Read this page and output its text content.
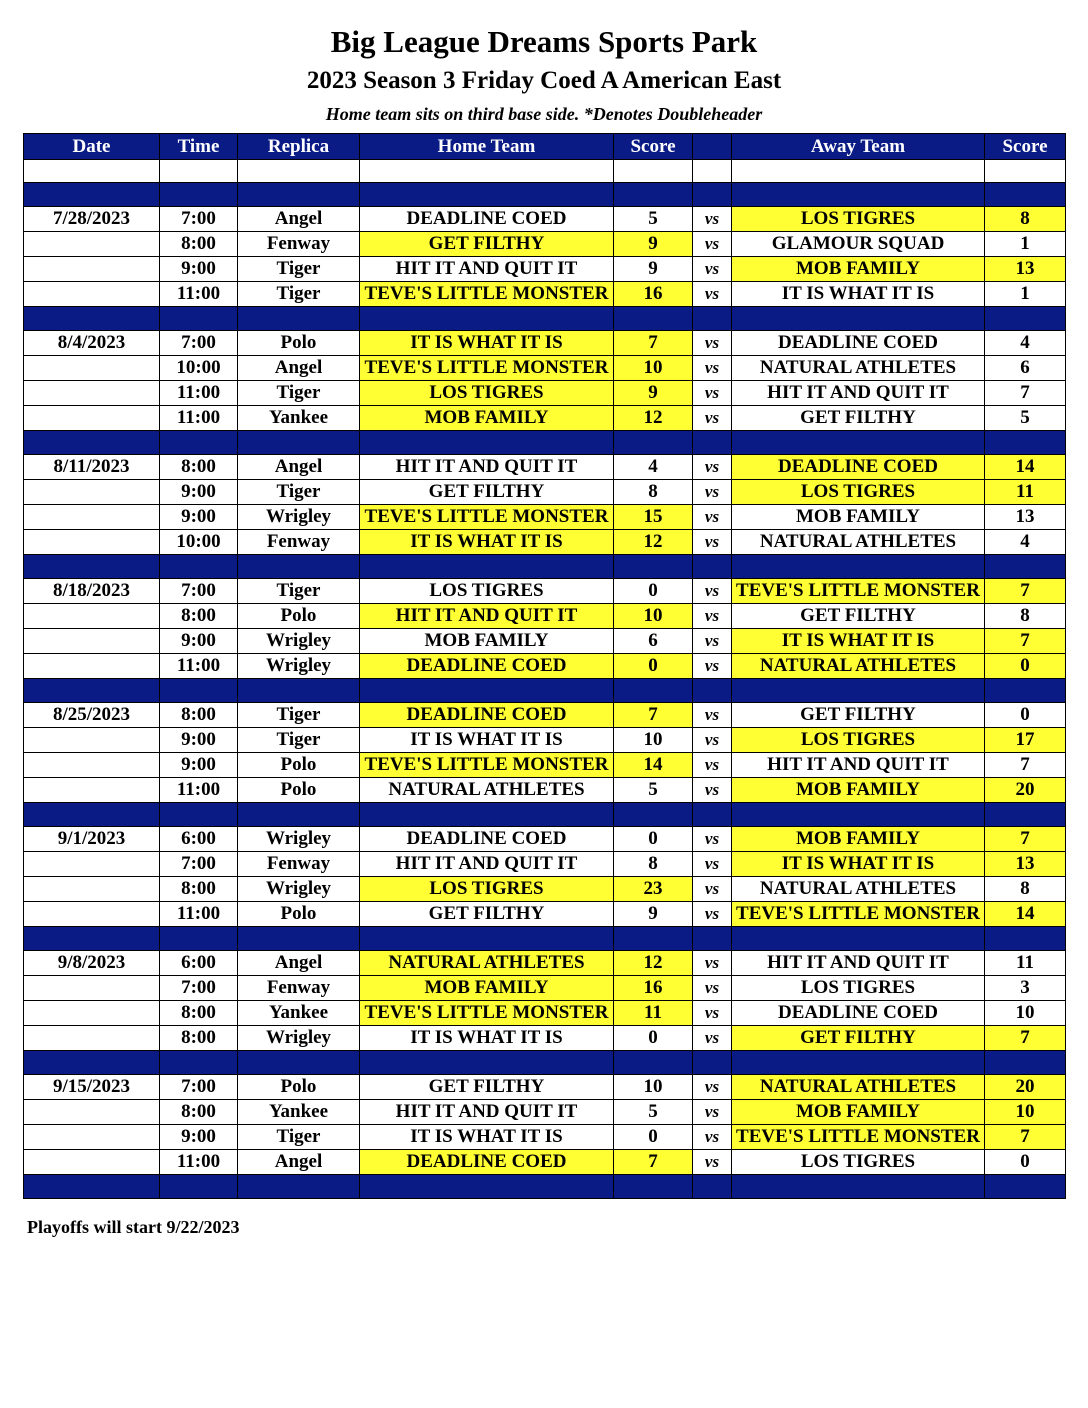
Big League Dreams Sports Park
2023 Season 3 Friday Coed A American East
Home team sits on third base side. *Denotes Doubleheader
Date	Time	Replica	Home Team	Score		Away Team	Score

7/28/2023	7:00	Angel	DEADLINE COED	5	vs	LOS TIGRES	8
	8:00	Fenway	GET FILTHY	9	vs	GLAMOUR SQUAD	1
	9:00	Tiger	HIT IT AND QUIT IT	9	vs	MOB FAMILY	13
	11:00	Tiger	TEVE'S LITTLE MONSTER	16	vs	IT IS WHAT IT IS	1

8/4/2023	7:00	Polo	IT IS WHAT IT IS	7	vs	DEADLINE COED	4
	10:00	Angel	TEVE'S LITTLE MONSTER	10	vs	NATURAL ATHLETES	6
	11:00	Tiger	LOS TIGRES	9	vs	HIT IT AND QUIT IT	7
	11:00	Yankee	MOB FAMILY	12	vs	GET FILTHY	5

8/11/2023	8:00	Angel	HIT IT AND QUIT IT	4	vs	DEADLINE COED	14
	9:00	Tiger	GET FILTHY	8	vs	LOS TIGRES	11
	9:00	Wrigley	TEVE'S LITTLE MONSTER	15	vs	MOB FAMILY	13
	10:00	Fenway	IT IS WHAT IT IS	12	vs	NATURAL ATHLETES	4

8/18/2023	7:00	Tiger	LOS TIGRES	0	vs	TEVE'S LITTLE MONSTER	7
	8:00	Polo	HIT IT AND QUIT IT	10	vs	GET FILTHY	8
	9:00	Wrigley	MOB FAMILY	6	vs	IT IS WHAT IT IS	7
	11:00	Wrigley	DEADLINE COED	0	vs	NATURAL ATHLETES	0

8/25/2023	8:00	Tiger	DEADLINE COED	7	vs	GET FILTHY	0
	9:00	Tiger	IT IS WHAT IT IS	10	vs	LOS TIGRES	17
	9:00	Polo	TEVE'S LITTLE MONSTER	14	vs	HIT IT AND QUIT IT	7
	11:00	Polo	NATURAL ATHLETES	5	vs	MOB FAMILY	20

9/1/2023	6:00	Wrigley	DEADLINE COED	0	vs	MOB FAMILY	7
	7:00	Fenway	HIT IT AND QUIT IT	8	vs	IT IS WHAT IT IS	13
	8:00	Wrigley	LOS TIGRES	23	vs	NATURAL ATHLETES	8
	11:00	Polo	GET FILTHY	9	vs	TEVE'S LITTLE MONSTER	14

9/8/2023	6:00	Angel	NATURAL ATHLETES	12	vs	HIT IT AND QUIT IT	11
	7:00	Fenway	MOB FAMILY	16	vs	LOS TIGRES	3
	8:00	Yankee	TEVE'S LITTLE MONSTER	11	vs	DEADLINE COED	10
	8:00	Wrigley	IT IS WHAT IT IS	0	vs	GET FILTHY	7

9/15/2023	7:00	Polo	GET FILTHY	10	vs	NATURAL ATHLETES	20
	8:00	Yankee	HIT IT AND QUIT IT	5	vs	MOB FAMILY	10
	9:00	Tiger	IT IS WHAT IT IS	0	vs	TEVE'S LITTLE MONSTER	7
	11:00	Angel	DEADLINE COED	7	vs	LOS TIGRES	0

Playoffs will start 9/22/2023
